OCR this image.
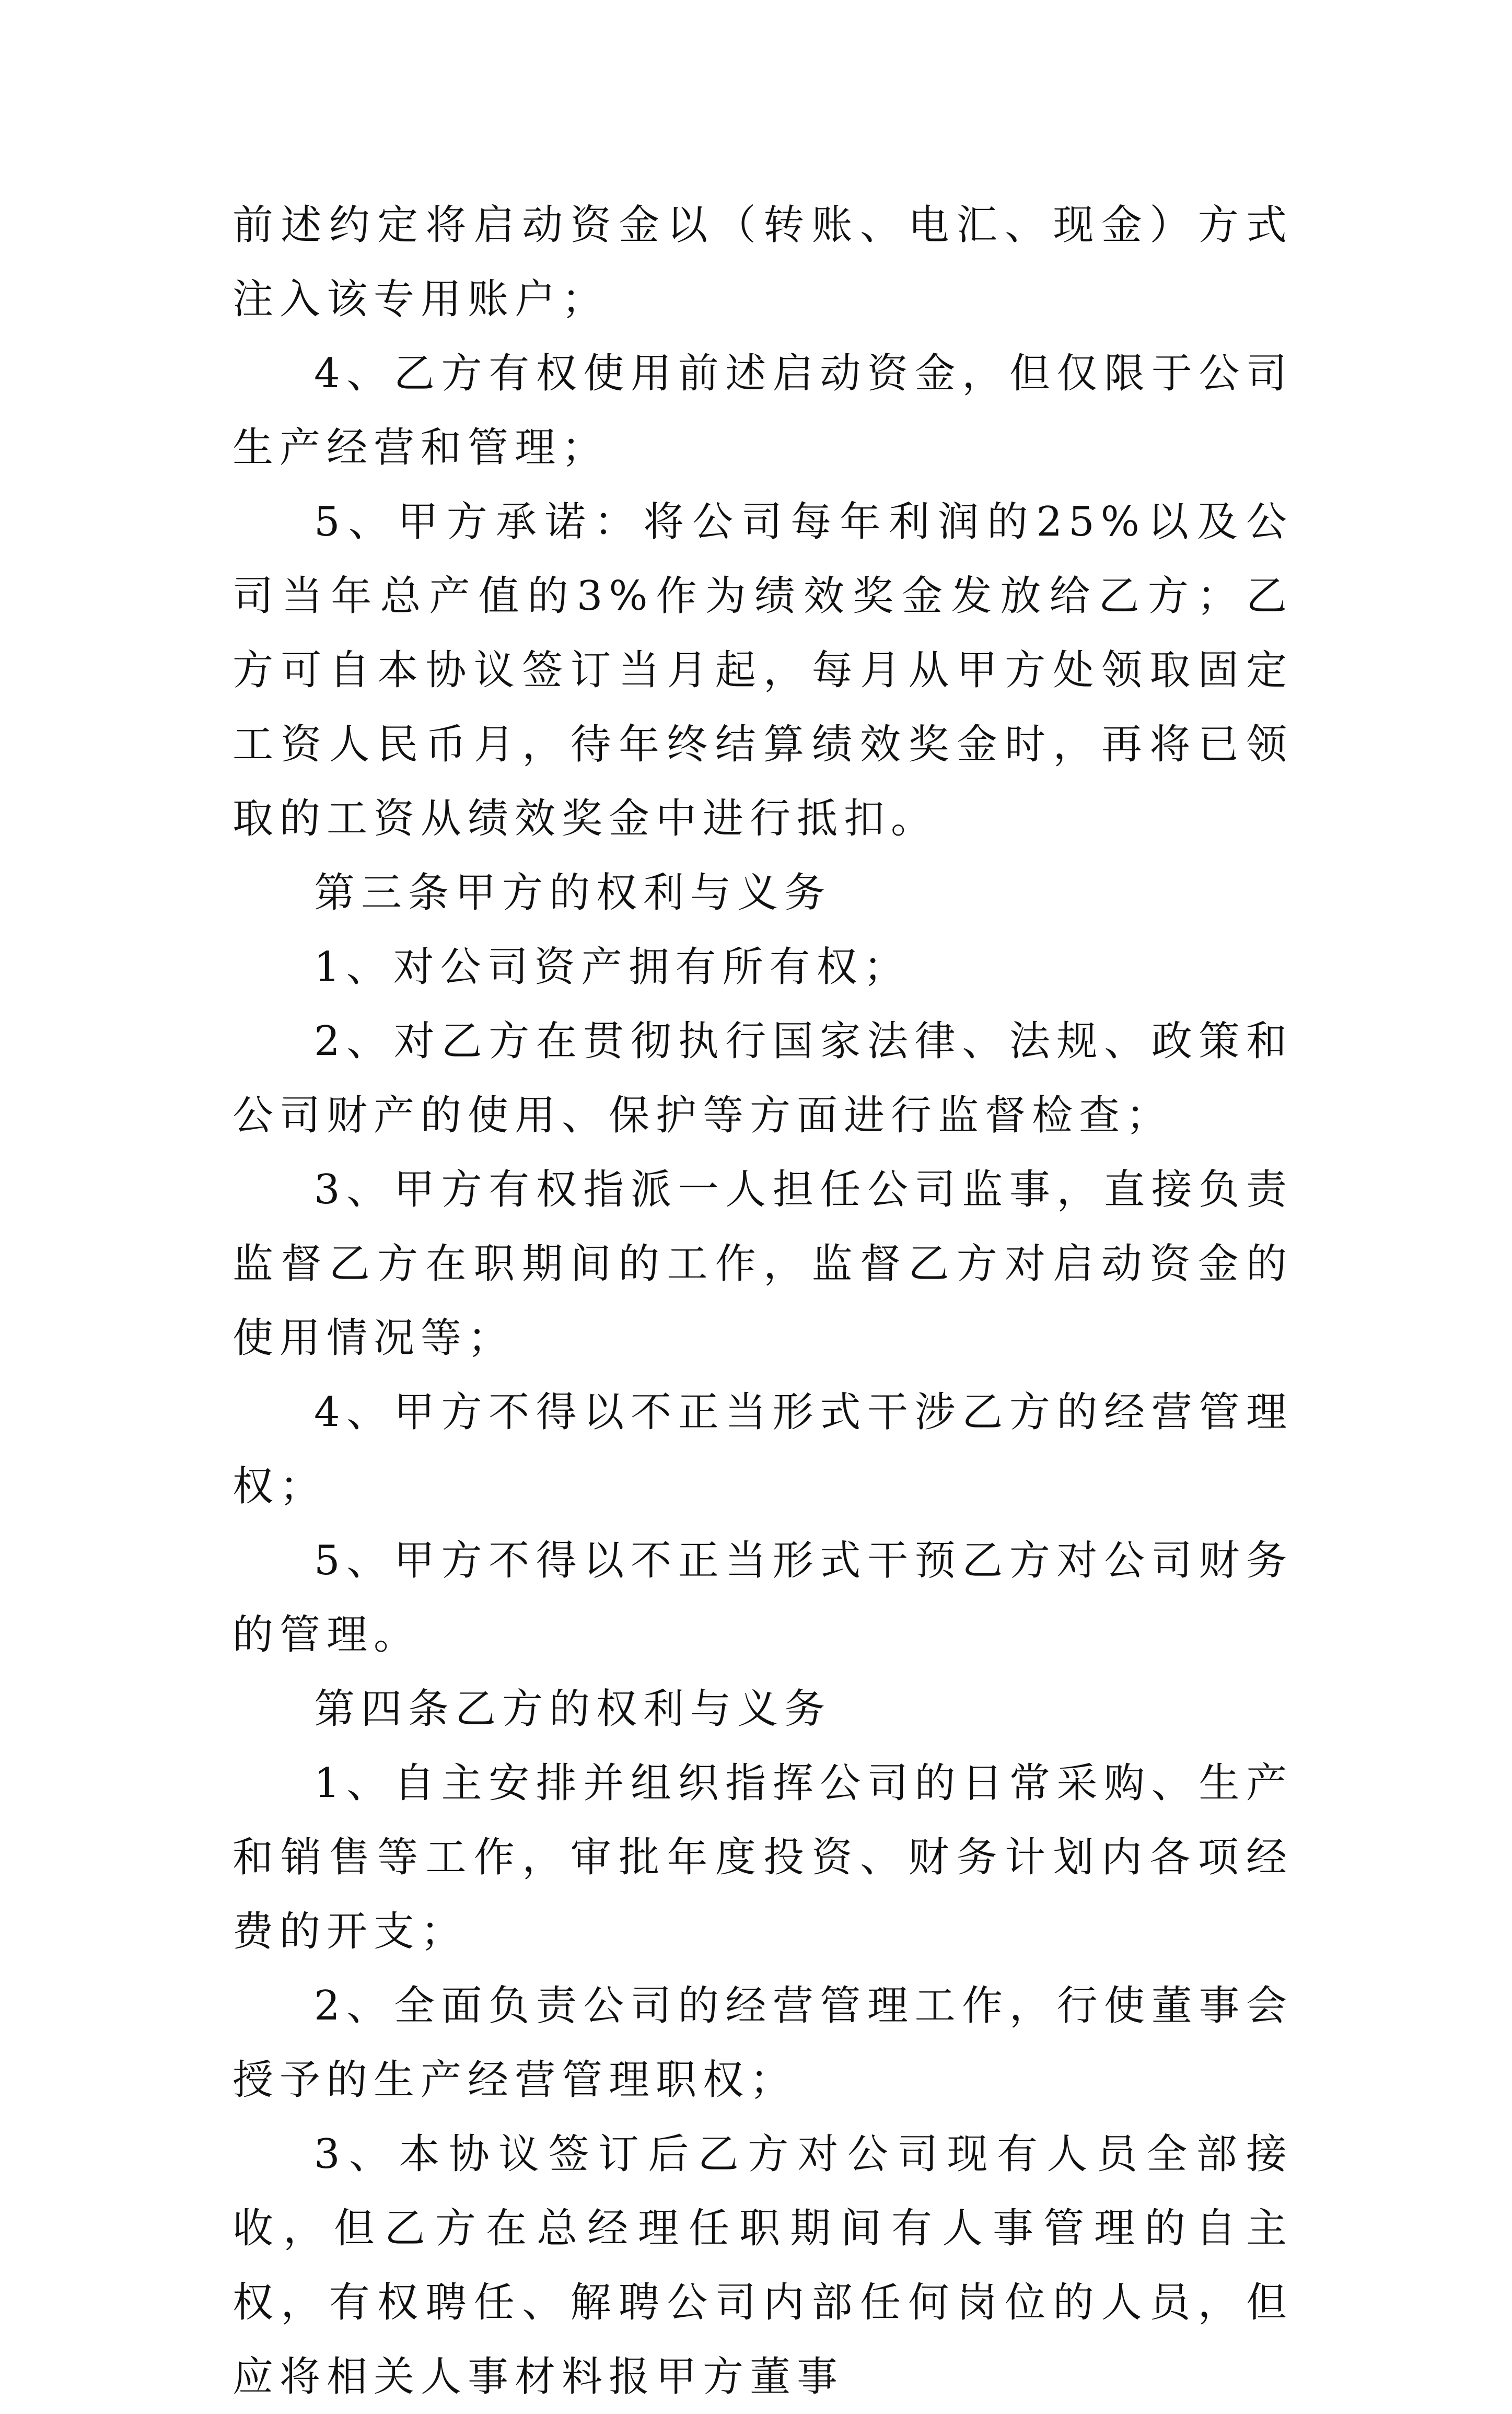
前述约定将启动资金以（转账、电汇、现金）方式注入该专用账户；

4、乙方有权使用前述启动资金，但仅限于公司生产经营和管理；

5、甲方承诺：将公司每年利润的25%以及公司当年总产值的3%作为绩效奖金发放给乙方；乙方可自本协议签订当月起，每月从甲方处领取固定工资人民币月，待年终结算绩效奖金时，再将已领取的工资从绩效奖金中进行抵扣。

第三条甲方的权利与义务

1、对公司资产拥有所有权；

2、对乙方在贯彻执行国家法律、法规、政策和公司财产的使用、保护等方面进行监督检查；

3、甲方有权指派一人担任公司监事，直接负责监督乙方在职期间的工作，监督乙方对启动资金的使用情况等；

4、甲方不得以不正当形式干涉乙方的经营管理权；

5、甲方不得以不正当形式干预乙方对公司财务的管理。

第四条乙方的权利与义务

1、自主安排并组织指挥公司的日常采购、生产和销售等工作，审批年度投资、财务计划内各项经费的开支；

2、全面负责公司的经营管理工作，行使董事会授予的生产经营管理职权；

3、本协议签订后乙方对公司现有人员全部接收，但乙方在总经理任职期间有人事管理的自主权，有权聘任、解聘公司内部任何岗位的人员，但应将相关人事材料报甲方董事
